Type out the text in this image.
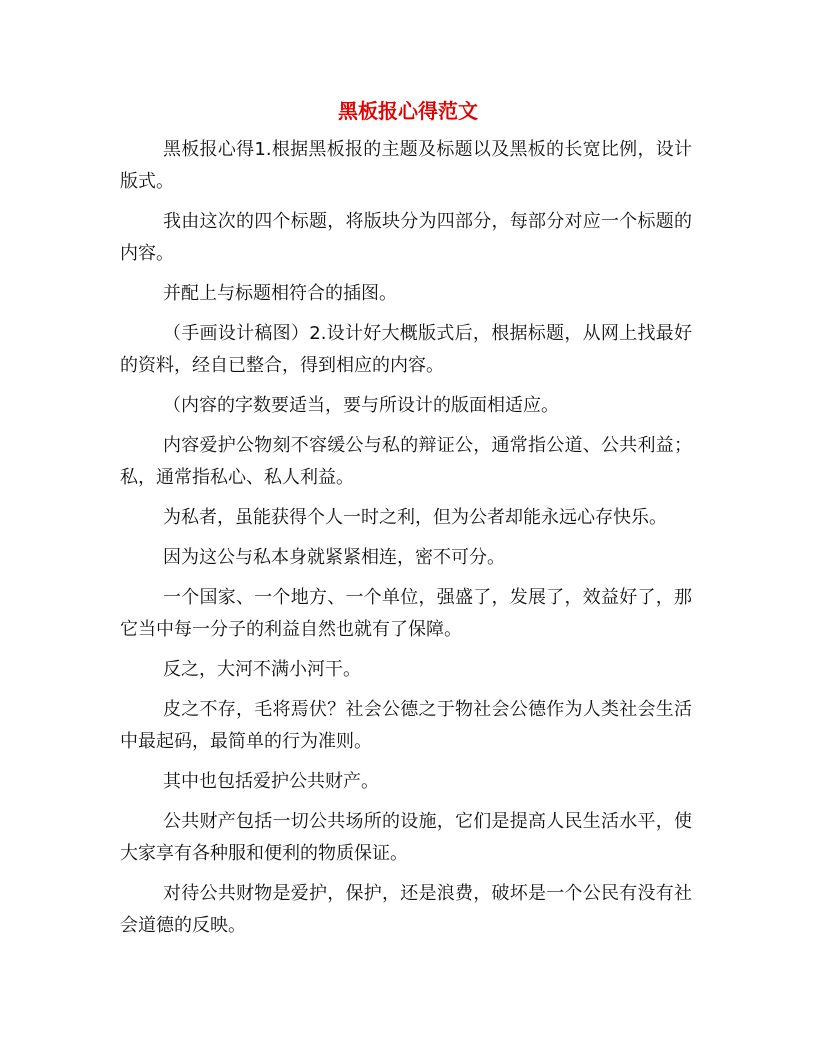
黑板报心得范文

黑板报心得1.根据黑板报的主题及标题以及黑板的长宽比例，设计版式。

我由这次的四个标题，将版块分为四部分，每部分对应一个标题的内容。

并配上与标题相符合的插图。

（手画设计稿图）2.设计好大概版式后，根据标题，从网上找最好的资料，经自已整合，得到相应的内容。

（内容的字数要适当，要与所设计的版面相适应。

内容爱护公物刻不容缓公与私的辩证公，通常指公道、公共利益；私，通常指私心、私人利益。

为私者，虽能获得个人一时之利，但为公者却能永远心存快乐。

因为这公与私本身就紧紧相连，密不可分。

一个国家、一个地方、一个单位，强盛了，发展了，效益好了，那它当中每一分子的利益自然也就有了保障。

反之，大河不满小河干。

皮之不存，毛将焉伏？社会公德之于物社会公德作为人类社会生活中最起码，最简单的行为准则。

其中也包括爱护公共财产。

公共财产包括一切公共场所的设施，它们是提高人民生活水平，使大家享有各种服和便利的物质保证。

对待公共财物是爱护，保护，还是浪费，破坏是一个公民有没有社会道德的反映。
